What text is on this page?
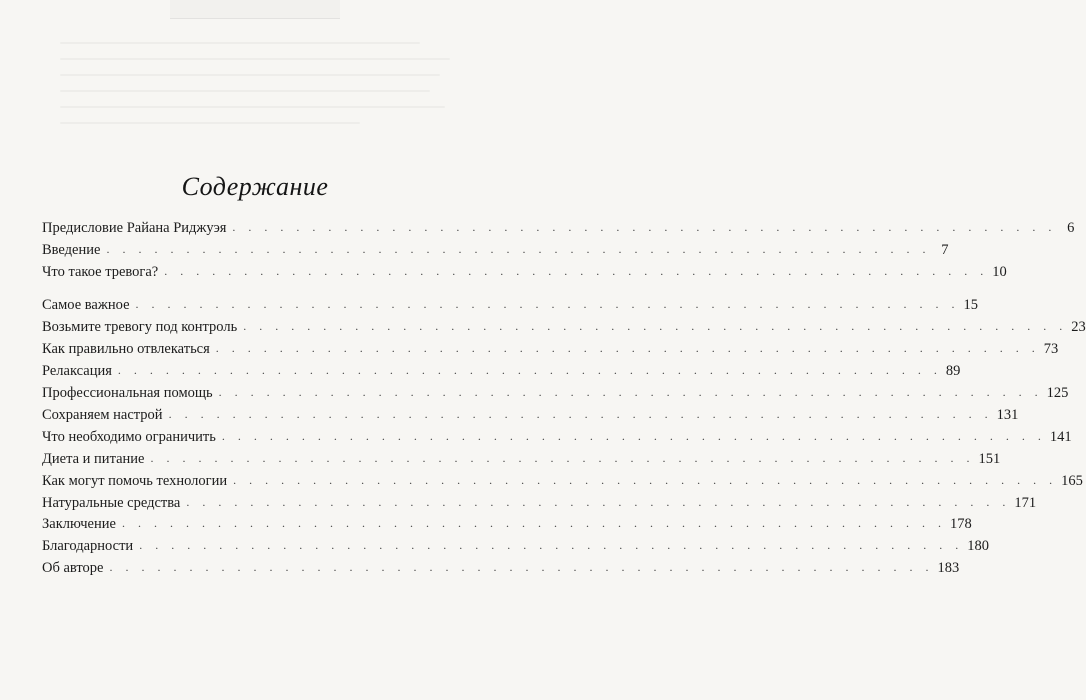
Содержание
Предисловие Райана Риджуэя . . . . . . . . . . . . . . . . . . . . . . . . . . . . . . . . . . . . . . . . . . . . . . . . . . . . 6
Введение . . . . . . . . . . . . . . . . . . . . . . . . . . . . . . . . . . . . . . . . . . . . . . . . . . . . 7
Что такое тревога? . . . . . . . . . . . . . . . . . . . . . . . . . . . . . . . . . . . . . . . . . . . . . . . . . . . . 10
Самое важное . . . . . . . . . . . . . . . . . . . . . . . . . . . . . . . . . . . . . . . . . . . . . . . . . . . . 15
Возьмите тревогу под контроль . . . . . . . . . . . . . . . . . . . . . . . . . . . . . . . . . . . . . . . . . . . . . . . . . . . . 23
Как правильно отвлекаться . . . . . . . . . . . . . . . . . . . . . . . . . . . . . . . . . . . . . . . . . . . . . . . . . . . . 73
Релаксация . . . . . . . . . . . . . . . . . . . . . . . . . . . . . . . . . . . . . . . . . . . . . . . . . . . . 89
Профессиональная помощь . . . . . . . . . . . . . . . . . . . . . . . . . . . . . . . . . . . . . . . . . . . . . . . . . . . . 125
Сохраняем настрой . . . . . . . . . . . . . . . . . . . . . . . . . . . . . . . . . . . . . . . . . . . . . . . . . . . . 131
Что необходимо ограничить . . . . . . . . . . . . . . . . . . . . . . . . . . . . . . . . . . . . . . . . . . . . . . . . . . . . 141
Диета и питание . . . . . . . . . . . . . . . . . . . . . . . . . . . . . . . . . . . . . . . . . . . . . . . . . . . . 151
Как могут помочь технологии . . . . . . . . . . . . . . . . . . . . . . . . . . . . . . . . . . . . . . . . . . . . . . . . . . . . 165
Натуральные средства . . . . . . . . . . . . . . . . . . . . . . . . . . . . . . . . . . . . . . . . . . . . . . . . . . . . 171
Заключение . . . . . . . . . . . . . . . . . . . . . . . . . . . . . . . . . . . . . . . . . . . . . . . . . . . . 178
Благодарности . . . . . . . . . . . . . . . . . . . . . . . . . . . . . . . . . . . . . . . . . . . . . . . . . . . . 180
Об авторе . . . . . . . . . . . . . . . . . . . . . . . . . . . . . . . . . . . . . . . . . . . . . . . . . . . . 183
